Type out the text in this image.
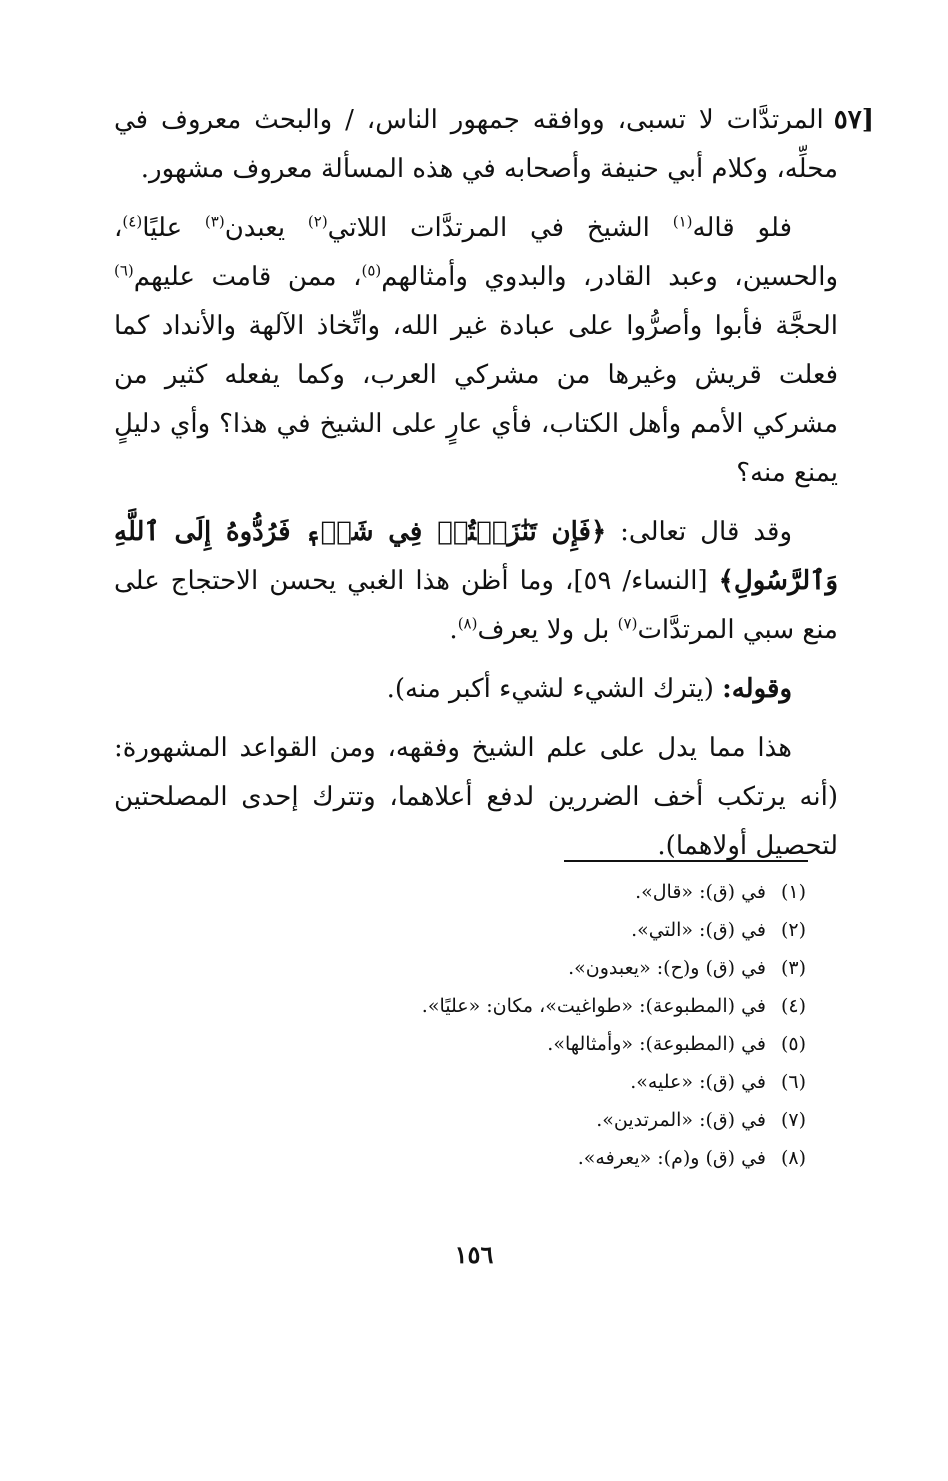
[٥٧المرتدَّات لا تسبى، ووافقه جمهور الناس، / والبحث معروف في محلِّه، وكلام أبي حنيفة وأصحابه في هذه المسألة معروف مشهور.

فلو قاله$^{(١)}$ الشيخ في المرتدَّات اللاتي$^{(٢)}$ يعبدن$^{(٣)}$ عليًا$^{(٤)}$، والحسين، وعبد القادر، والبدوي وأمثالهم$^{(٥)}$، ممن قامت عليهم$^{(٦)}$ الحجَّة فأبوا وأصرُّوا على عبادة غير الله، واتِّخاذ الآلهة والأنداد كما فعلت قريش وغيرها من مشركي العرب، وكما يفعله كثير من مشركي الأمم وأهل الكتاب، فأي عارٍ على الشيخ في هذا؟ وأي دليلٍ يمنع منه؟

وقد قال تعالى: ﴿فَإِن تَنَٰزَعۡتُمۡ فِي شَيۡءٖ فَرُدُّوهُ إِلَى ٱللَّهِ وَٱلرَّسُولِ﴾ [النساء/ ٥٩]، وما أظن هذا الغبي يحسن الاحتجاج على منع سبي المرتدَّات$^{(٧)}$ بل ولا يعرف$^{(٨)}$.

وقوله: (يترك الشيء لشيء أكبر منه).

هذا مما يدل على علم الشيخ وفقهه، ومن القواعد المشهورة: (أنه يرتكب أخف الضررين لدفع أعلاهما، وتترك إحدى المصلحتين لتحصيل أولاهما).

(١)في (ق): «قال».
(٢)في (ق): «التي».
(٣)في (ق) و(ح): «يعبدون».
(٤)في (المطبوعة): «طواغيت»، مكان: «عليًا».
(٥)في (المطبوعة): «وأمثالها».
(٦)في (ق): «عليه».
(٧)في (ق): «المرتدين».
(٨)في (ق) و(م): «يعرفه».
١٥٦
